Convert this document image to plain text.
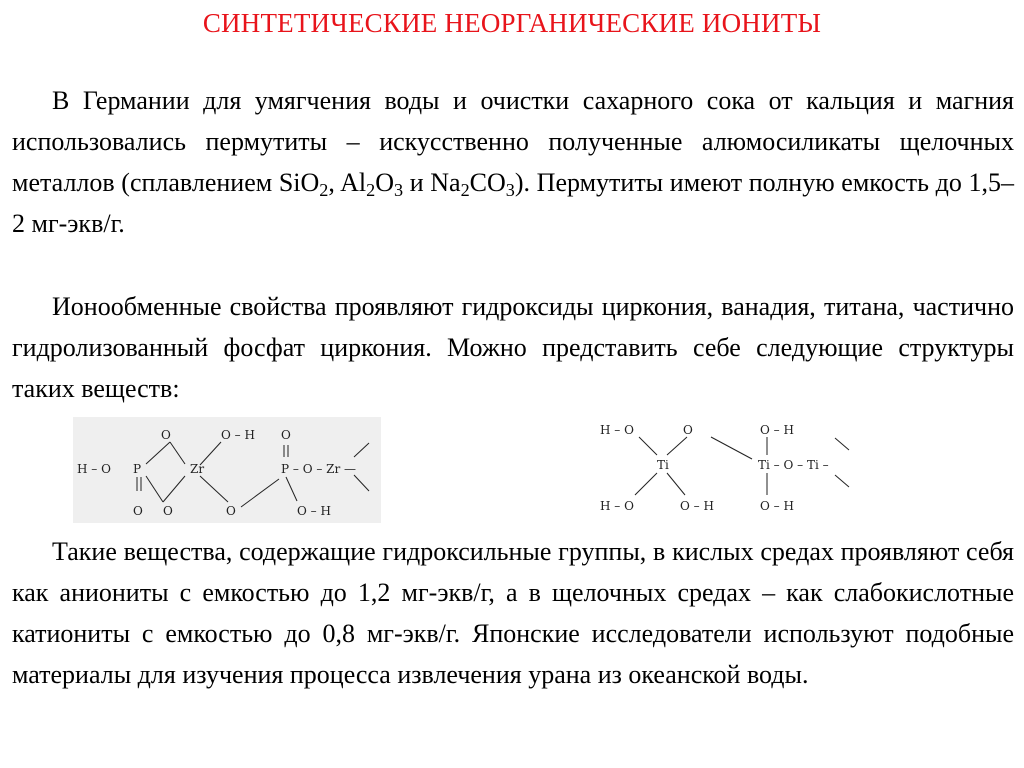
СИНТЕТИЧЕСКИЕ НЕОРГАНИЧЕСКИЕ ИОНИТЫ
В Германии для умягчения воды и очистки сахарного сока от кальция и магния использовались пермутиты – искусственно полученные алюмосиликаты щелочных металлов (сплавлением SiO$_2$, $Al_2O_3$ и $Na_2CO_3$). Пермутиты имеют полную емкость до 1,5–2 мг-экв/г.
Ионообменные свойства проявляют гидроксиды циркония, ванадия, титана, частично гидролизованный фосфат циркония. Можно представить себе следующие структуры таких веществ:
O	O – H O
H – O P	Zr	P – O – Zr —
O O	O	O – H
H – O	O	O – H
Ti	Ti – O – Ti –
H – O	O – H	O – H
Такие вещества, содержащие гидроксильные группы, в кислых средах проявляют себя как аниониты с емкостью до 1,2 мг-экв/г, а в щелочных средах – как слабокислотные катиониты с емкостью до 0,8 мг-экв/г. Японские исследователи используют подобные материалы для изучения процесса извлечения урана из океанской воды.
